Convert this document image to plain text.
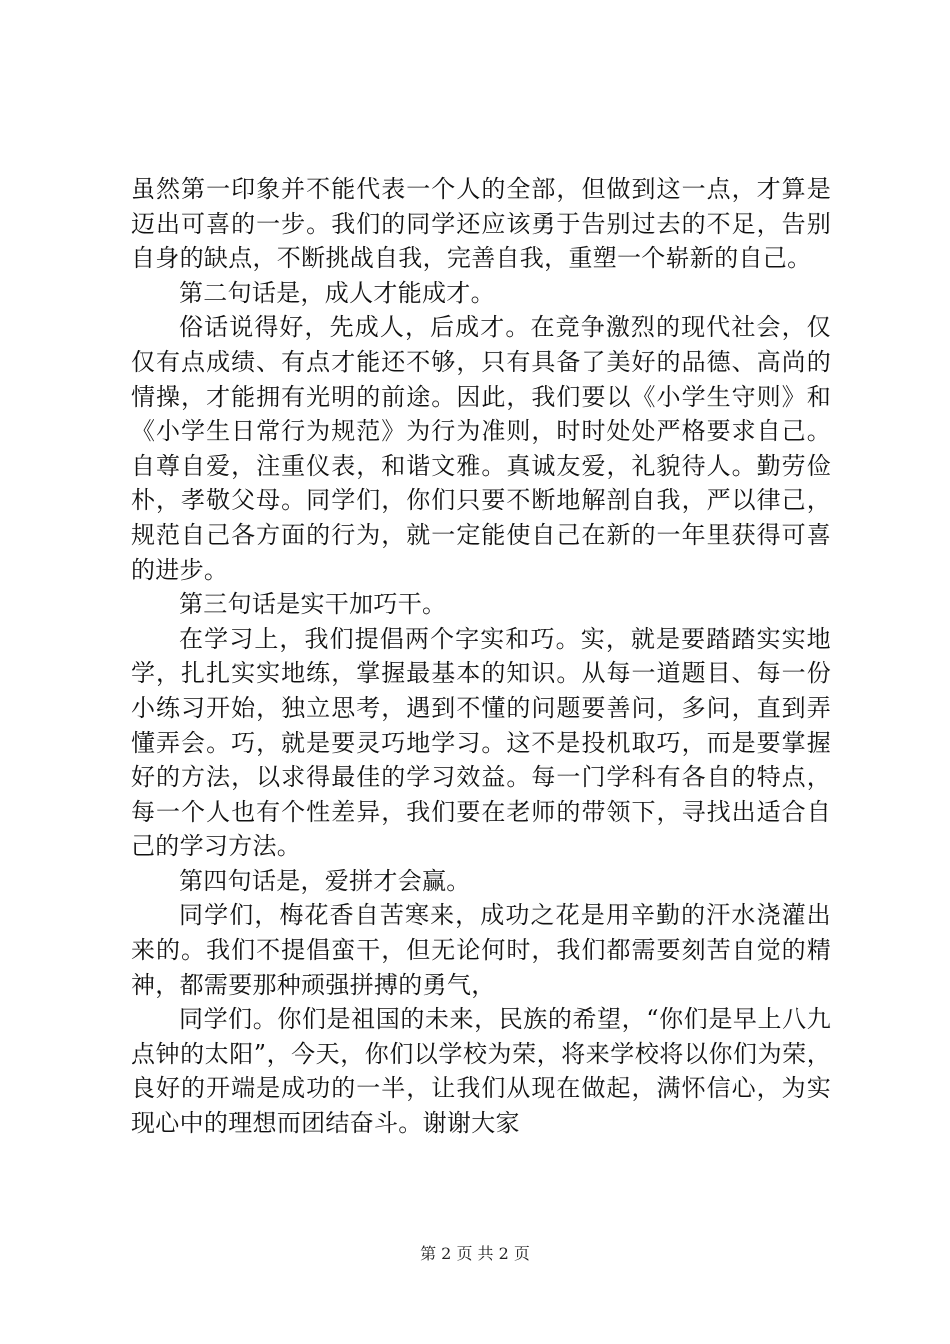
虽然第一印象并不能代表一个人的全部，但做到这一点，才算是迈出可喜的一步。我们的同学还应该勇于告别过去的不足，告别自身的缺点，不断挑战自我，完善自我，重塑一个崭新的自己。

第二句话是，成人才能成才。

俗话说得好，先成人，后成才。在竞争激烈的现代社会，仅仅有点成绩、有点才能还不够，只有具备了美好的品德、高尚的情操，才能拥有光明的前途。因此，我们要以《小学生守则》和《小学生日常行为规范》为行为准则，时时处处严格要求自己。自尊自爱，注重仪表，和谐文雅。真诚友爱，礼貌待人。勤劳俭朴，孝敬父母。同学们，你们只要不断地解剖自我，严以律己，规范自己各方面的行为，就一定能使自己在新的一年里获得可喜的进步。

第三句话是实干加巧干。

在学习上，我们提倡两个字实和巧。实，就是要踏踏实实地学，扎扎实实地练，掌握最基本的知识。从每一道题目、每一份小练习开始，独立思考，遇到不懂的问题要善问，多问，直到弄懂弄会。巧，就是要灵巧地学习。这不是投机取巧，而是要掌握好的方法，以求得最佳的学习效益。每一门学科有各自的特点，每一个人也有个性差异，我们要在老师的带领下，寻找出适合自己的学习方法。

第四句话是，爱拼才会赢。

同学们，梅花香自苦寒来，成功之花是用辛勤的汗水浇灌出来的。我们不提倡蛮干，但无论何时，我们都需要刻苦自觉的精神，都需要那种顽强拼搏的勇气，

同学们。你们是祖国的未来，民族的希望，“你们是早上八九点钟的太阳”，今天，你们以学校为荣，将来学校将以你们为荣，良好的开端是成功的一半，让我们从现在做起，满怀信心，为实现心中的理想而团结奋斗。谢谢大家

第 2 页 共 2 页
